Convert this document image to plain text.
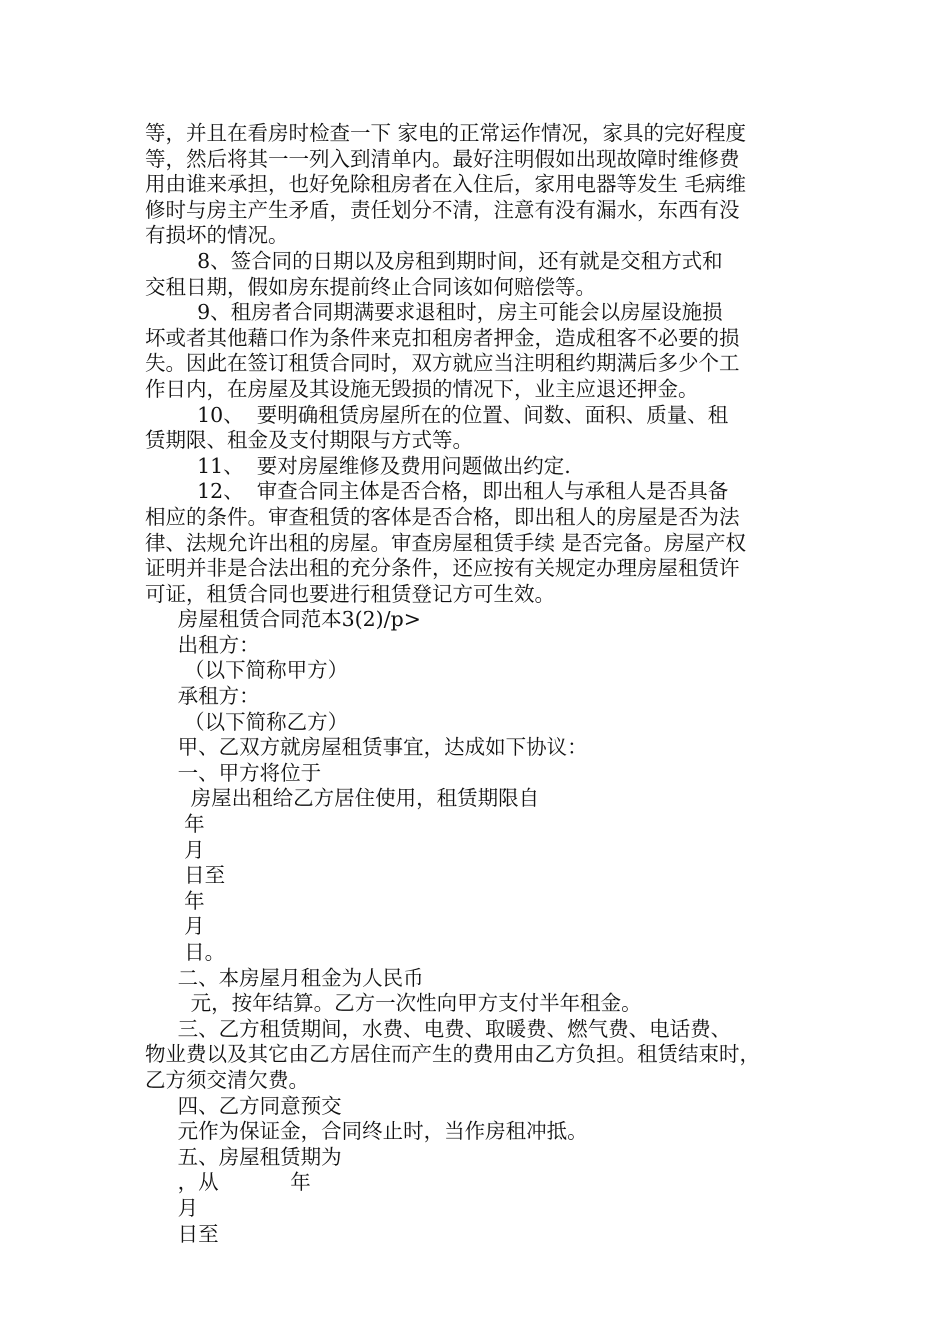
等，并且在看房时检查一下 家电的正常运作情况，家具的完好程度
等，然后将其一一列入到清单内。最好注明假如出现故障时维修费
用由谁来承担，也好免除租房者在入住后，家用电器等发生 毛病维
修时与房主产生矛盾，责任划分不清，注意有没有漏水，东西有没
有损坏的情况。
8、签合同的日期以及房租到期时间，还有就是交租方式和
交租日期，假如房东提前终止合同该如何赔偿等。
9、租房者合同期满要求退租时，房主可能会以房屋设施损
坏或者其他藉口作为条件来克扣租房者押金，造成租客不必要的损
失。因此在签订租赁合同时，双方就应当注明租约期满后多少个工
作日内，在房屋及其设施无毁损的情况下，业主应退还押金。
10、  要明确租赁房屋所在的位置、间数、面积、质量、租
赁期限、租金及支付期限与方式等。
11、  要对房屋维修及费用问题做出约定.
12、  审查合同主体是否合格，即出租人与承租人是否具备
相应的条件。审查租赁的客体是否合格，即出租人的房屋是否为法
律、法规允许出租的房屋。审查房屋租赁手续 是否完备。房屋产权
证明并非是合法出租的充分条件，还应按有关规定办理房屋租赁许
可证，租赁合同也要进行租赁登记方可生效。
房屋租赁合同范本3(2)/p>
出租方：
（以下简称甲方）
承租方：
（以下简称乙方）
甲、乙双方就房屋租赁事宜，达成如下协议：
一、甲方将位于
房屋出租给乙方居住使用，租赁期限自
年
月
日至
年
月
日。
二、本房屋月租金为人民币
元，按年结算。乙方一次性向甲方支付半年租金。
三、乙方租赁期间，水费、电费、取暖费、燃气费、电话费、
物业费以及其它由乙方居住而产生的费用由乙方负担。租赁结束时，
乙方须交清欠费。
四、乙方同意预交
元作为保证金，合同终止时，当作房租冲抵。
五、房屋租赁期为
，从           年
月
日至
